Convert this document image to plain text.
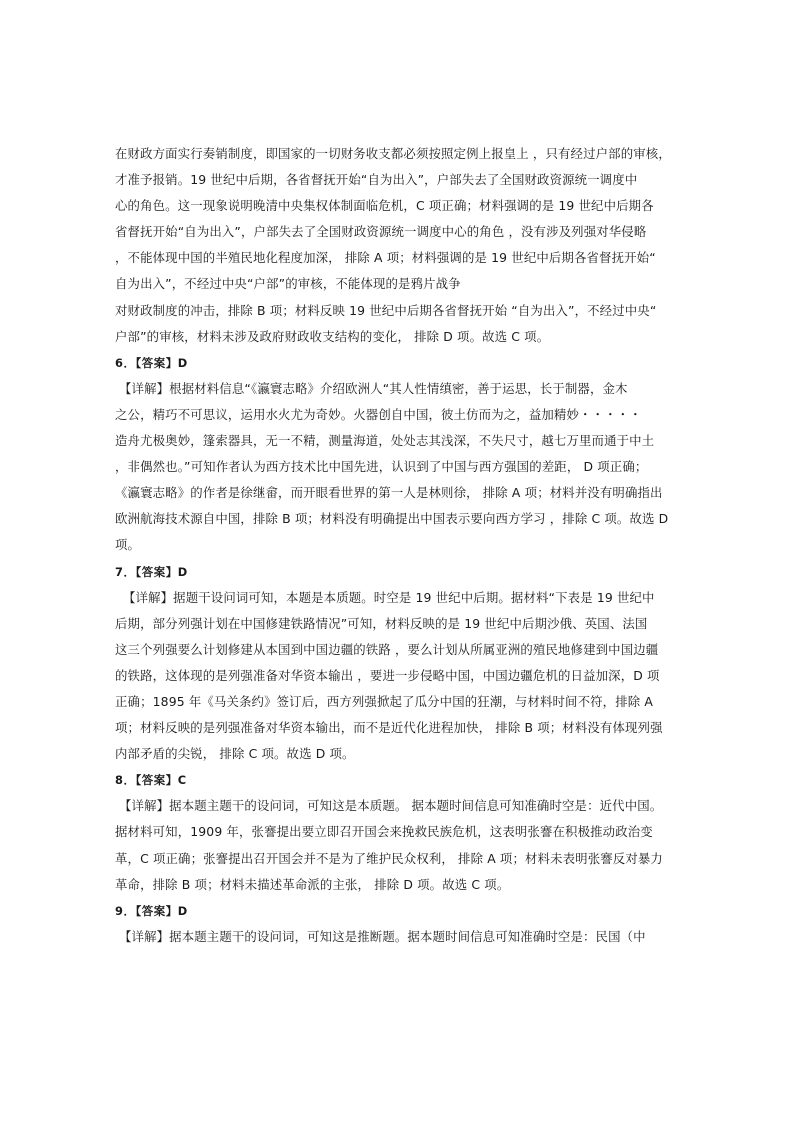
在财政方面实行奏销制度，即国家的一切财务收支都必须按照定例上报皇上 ，只有经过户部的审核，
才准予报销。19 世纪中后期，各省督抚开始“自为出入”，户部失去了全国财政资源统一调度中
心的角色。这一现象说明晚清中央集权体制面临危机，C 项正确；材料强调的是 19 世纪中后期各
省督抚开始“自为出入”，户部失去了全国财政资源统一调度中心的角色 ，没有涉及列强对华侵略
，不能体现中国的半殖民地化程度加深， 排除 A 项；材料强调的是 19 世纪中后期各省督抚开始“
自为出入”，不经过中央“户部”的审核，不能体现的是鸦片战争
对财政制度的冲击，排除 B 项；材料反映 19 世纪中后期各省督抚开始 “自为出入”，不经过中央“
户部”的审核，材料未涉及政府财政收支结构的变化， 排除 D 项。故选 C 项。
6．【答案】D
【详解】根据材料信息“《瀛寰志略》介绍欧洲人“其人性情缜密，善于运思，长于制器，金木
之公，精巧不可思议，运用水火尤为奇妙。火器创自中国，彼土仿而为之，益加精妙・・・・・
造舟尤极奥妙，篷索器具，无一不精，测量海道，处处志其浅深，不失尺寸，越七万里而通于中土
，非偶然也。”可知作者认为西方技术比中国先进，认识到了中国与西方强国的差距， D 项正确；
《瀛寰志略》的作者是徐继畲，而开眼看世界的第一人是林则徐， 排除 A 项；材料并没有明确指出
欧洲航海技术源自中国，排除 B 项；材料没有明确提出中国表示要向西方学习 ，排除 C 项。故选 D
项。
7．【答案】D
【详解】据题干设问词可知，本题是本质题。时空是 19 世纪中后期。据材料“下表是 19 世纪中
后期，部分列强计划在中国修建铁路情况”可知，材料反映的是 19 世纪中后期沙俄、英国、法国
这三个列强要么计划修建从本国到中国边疆的铁路 ，要么计划从所属亚洲的殖民地修建到中国边疆
的铁路，这体现的是列强准备对华资本输出 ，要进一步侵略中国，中国边疆危机的日益加深，D 项
正确；1895 年《马关条约》签订后，西方列强掀起了瓜分中国的狂潮，与材料时间不符，排除 A
项；材料反映的是列强准备对华资本输出，而不是近代化进程加快， 排除 B 项；材料没有体现列强
内部矛盾的尖锐， 排除 C 项。故选 D 项。
8．【答案】C
【详解】据本题主题干的设问词，可知这是本质题。 据本题时间信息可知准确时空是：近代中国。
据材料可知，1909 年，张謇提出要立即召开国会来挽救民族危机，这表明张謇在积极推动政治变
革，C 项正确；张謇提出召开国会并不是为了维护民众权利， 排除 A 项；材料未表明张謇反对暴力
革命，排除 B 项；材料未描述革命派的主张， 排除 D 项。故选 C 项。
9．【答案】D
【详解】据本题主题干的设问词，可知这是推断题。据本题时间信息可知准确时空是：民国（中
